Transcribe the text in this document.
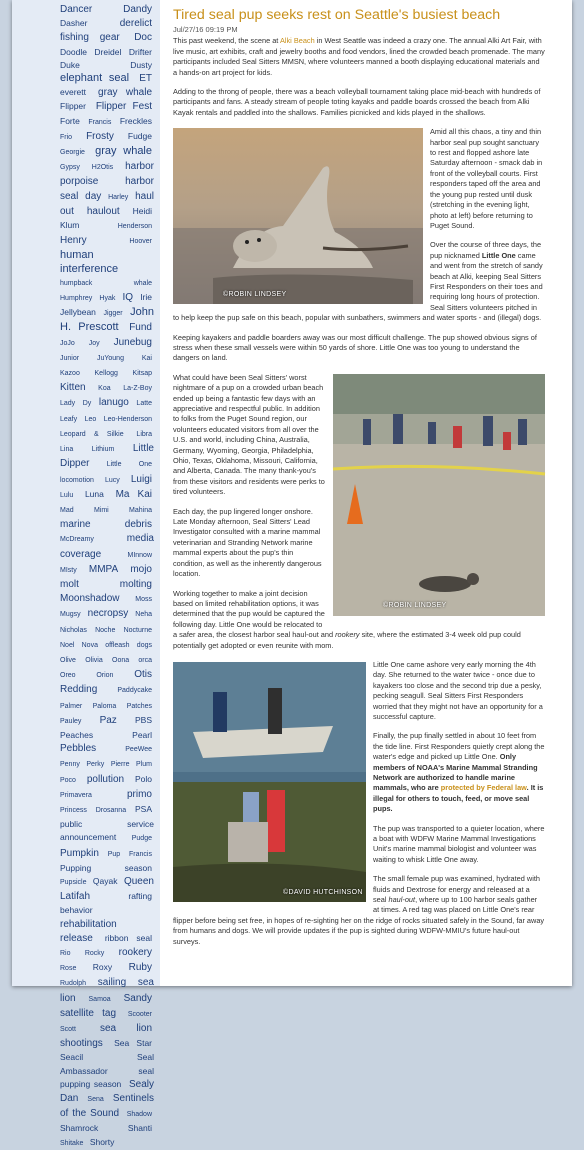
Dancer	Dandy Dasher	derelict fishing gear Doc Doodle Dreidel Drifter Duke	Dusty elephant seal ET everett gray whale Flipper Flipper Fest Forte Francis Freckles Frio Frosty Fudge Georgie gray whale Gypsy H2Otis harbor porpoise	harbor seal day Harley haul out haulout Heidi Klum	Henderson Henry	Hoover human interference humpback	whale Humphrey Hyak IQ Irie Jellybean Jigger John H. Prescott Fund JoJo Joy Junebug Junior	JuYoung	Kai Kazoo Kellogg Kitsap Kitten Koa La-Z-Boy Lady Dy lanugo Latte Leafy Leo Leo-Henderson Leopard & Silkie Libra Lina	Lithium Little Dipper Little One locomotion Lucy Luigi Lulu Luna Ma Kai Mad	Mimi	Mahina marine debris McDreamy	media coverage	MInnow MIsty MMPA mojo molt	molting Moonshadow Moss Mugsy necropsy Neha Nicholas Noche Nocturne Noel Nova offleash dogs Olive Olivia Oona orca Oreo	Orion Otis Redding	Paddycake Palmer Paloma Patches Pauley Paz PBS Peaches	Pearl Pebbles	PeeWee Penny Perky Pierre Plum Poco pollution Polo Primavera	primo Princess Drosanna PSA public service announcement Pudge Pumpkin Pup Francis Pupping season Pupsicle Qayak Queen Latifah	rafting behavior rehabilitation release ribbon seal Rio Rocky rookery Rose Roxy Ruby Rudolph sailing sea lion Samoa Sandy satellite tag Scooter Scott sea lion shootings Sea Star Seacil	Seal Ambassador	seal pupping season Sealy Dan Sena Sentinels of the Sound Shadow Shamrock	Shanti Shitake Shorty
Tired seal pup seeks rest on Seattle's busiest beach
Jul/27/16 09:19 PM

This past weekend, the scene at Alki Beach in West Seattle was indeed a crazy one. The annual Alki Art Fair, with live music, art exhibits, craft and jewelry booths and food vendors, lined the crowded beach promenade. The many participants included Seal Sitters MMSN, where volunteers manned a booth displaying educational materials and a hands-on art project for kids.

Adding to the throng of people, there was a beach volleyball tournament taking place mid-beach with hundreds of participants and fans. A steady stream of people toting kayaks and paddle boards crossed the beach from Alki Kayak rentals and paddled into the shallows. Families picnicked and kids played in the shallows.

©ROBIN LINDSEY

Amid all this chaos, a tiny and thin harbor seal pup sought sanctuary to rest and flopped ashore late Saturday afternoon - smack dab in front of the volleyball courts. First responders taped off the area and the young pup rested until dusk (stretching in the evening light, photo at left) before returning to Puget Sound.

Over the course of three days, the pup nicknamed Little One came and went from the stretch of sandy beach at Alki, keeping Seal Sitters First Responders on their toes and requiring long hours of protection. Seal Sitters volunteers pitched in to help keep the pup safe on this beach, popular with sunbathers, swimmers and water sports - and (illegal) dogs.

Keeping kayakers and paddle boarders away was our most difficult challenge. The pup showed obvious signs of stress when these small vessels were within 50 yards of shore. Little One was too young to understand the dangers on land.

©ROBIN LINDSEY

What could have been Seal Sitters' worst nightmare of a pup on a crowded urban beach ended up being a fantastic few days with an appreciative and respectful public. In addition to folks from the Puget Sound region, our volunteers educated visitors from all over the U.S. and world, including China, Australia, Germany, Wyoming, Georgia, Philadelphia, Ohio, Texas, Oklahoma, Missouri, California, and Alberta, Canada. The many thank-you's from these visitors and residents were perks to tired volunteers.

Each day, the pup lingered longer onshore. Late Monday afternoon, Seal Sitters' Lead Investigator consulted with a marine mammal veterinarian and Stranding Network marine mammal experts about the pup's thin condition, as well as the inherently dangerous location.

Working together to make a joint decision based on limited rehabilitation options, it was determined that the pup would be captured the following day. Little One would be relocated to a safer area, the closest harbor seal haul-out and rookery site, where the estimated 3-4 week old pup could potentially get adopted or even reunite with mom.

©DAVID HUTCHINSON

Little One came ashore very early morning the 4th day. She returned to the water twice - once due to kayakers too close and the second trip due a pesky, pecking seagull. Seal Sitters First Responders worried that they might not have an opportunity for a successful capture.

Finally, the pup finally settled in about 10 feet from the tide line. First Responders quietly crept along the water's edge and picked up Little One. Only members of NOAA's Marine Mammal Stranding Network are authorized to handle marine mammals, who are protected by Federal law. It is illegal for others to touch, feed, or move seal pups.

The pup was transported to a quieter location, where a boat with WDFW Marine Mammal Investigations Unit's marine mammal biologist and volunteer was waiting to whisk Little One away.

The small female pup was examined, hydrated with fluids and Dextrose for energy and released at a seal haul-out, where up to 100 harbor seals gather at times. A red tag was placed on Little One's rear flipper before being set free, in hopes of re-sighting her on the ridge of rocks situated safely in the Sound, far away from humans and dogs. We will provide updates if the pup is sighted during WDFW-MMIU's future haul-out surveys.
